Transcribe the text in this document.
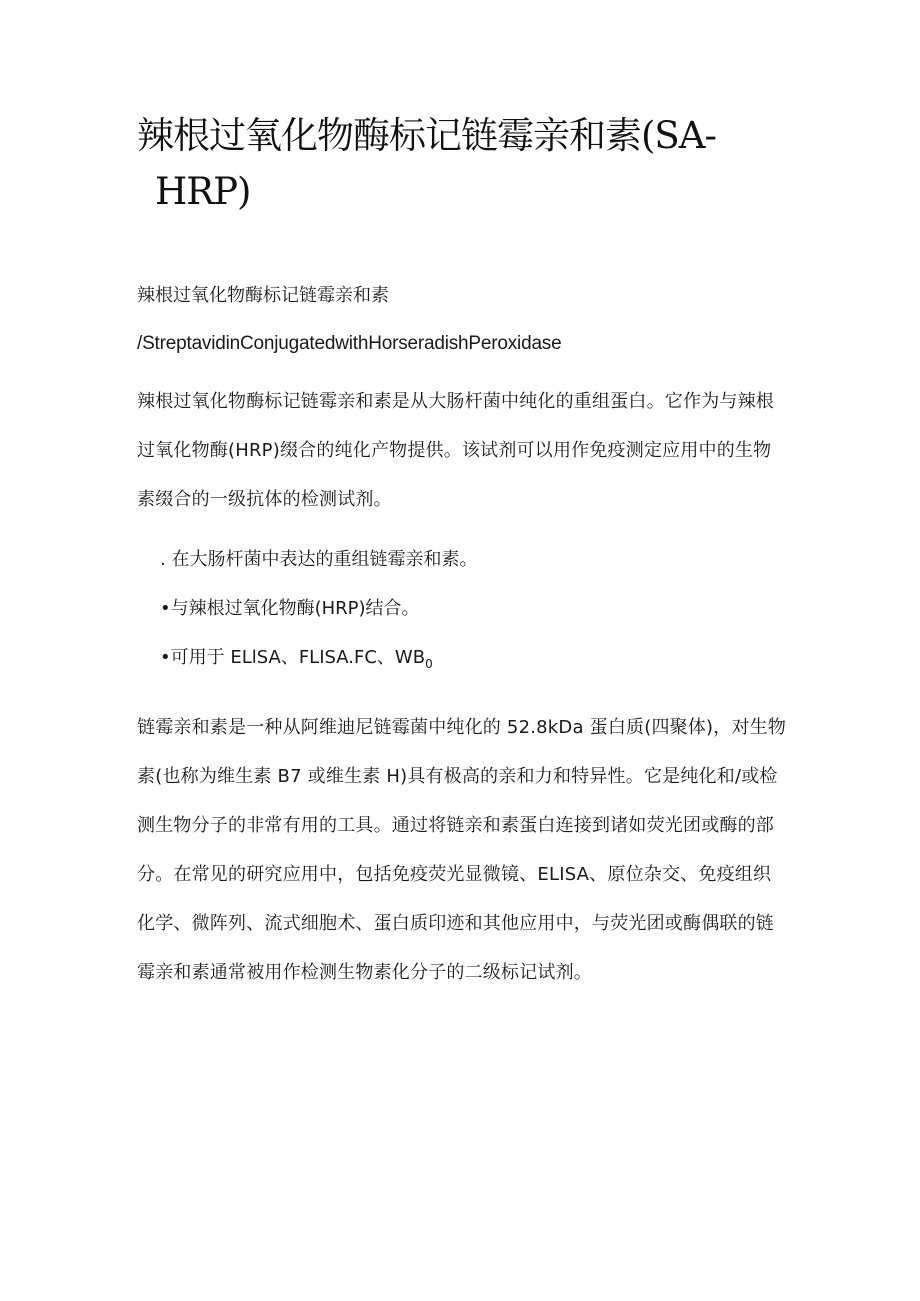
辣根过氧化物酶标记链霉亲和素(SA-
HRP)

辣根过氧化物酶标记链霉亲和素

/StreptavidinConjugatedwithHorseradishPeroxidase

辣根过氧化物酶标记链霉亲和素是从大肠杆菌中纯化的重组蛋白。它作为与辣根过氧化物酶(HRP)缀合的纯化产物提供。该试剂可以用作免疫测定应用中的生物素缀合的一级抗体的检测试剂。

. 在大肠杆菌中表达的重组链霉亲和素。
•与辣根过氧化物酶(HRP)结合。
•可用于 ELlSA、FLISA.FC、$WB_0$

链霉亲和素是一种从阿维迪尼链霉菌中纯化的 52.8kDa 蛋白质(四聚体)，对生物素(也称为维生素 B7 或维生素 H)具有极高的亲和力和特异性。它是纯化和/或检测生物分子的非常有用的工具。通过将链亲和素蛋白连接到诸如荧光团或酶的部分。在常见的研究应用中，包括免疫荧光显微镜、ELISA、原位杂交、免疫组织化学、微阵列、流式细胞术、蛋白质印迹和其他应用中，与荧光团或酶偶联的链霉亲和素通常被用作检测生物素化分子的二级标记试剂。
